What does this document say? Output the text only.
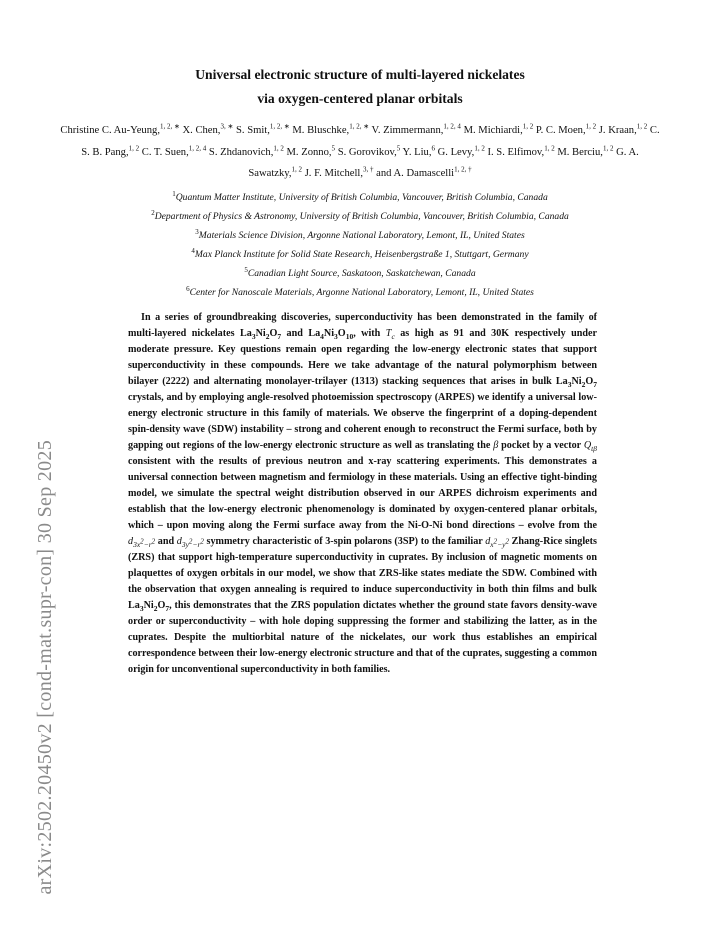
arXiv:2502.20450v2 [cond-mat.supr-con] 30 Sep 2025
Universal electronic structure of multi-layered nickelates
via oxygen-centered planar orbitals
Christine C. Au-Yeung,$^{1, 2, ∗}$ X. Chen,$^{3, ∗}$ S. Smit,$^{1, 2, ∗}$ M. Bluschke,$^{1, 2, ∗}$ V. Zimmermann,$^{1, 2, 4}$ M. Michiardi,$^{1, 2}$ P. C. Moen,$^{1, 2}$ J. Kraan,$^{1, 2}$ C. S. B. Pang,$^{1, 2}$ C. T. Suen,$^{1, 2, 4}$ S. Zhdanovich,$^{1, 2}$ M. Zonno,$^5$ S. Gorovikov,$^5$ Y. Liu,$^6$ G. Levy,$^{1, 2}$ I. S. Elfimov,$^{1, 2}$ M. Berciu,$^{1, 2}$ G. A. Sawatzky,$^{1, 2}$ J. F. Mitchell,$^{3, \dagger}$ and A. Damascelli$^{1, 2, \dagger}$
$^1$Quantum Matter Institute, University of British Columbia, Vancouver, British Columbia, Canada
$^2$Department of Physics & Astronomy, University of British Columbia, Vancouver, British Columbia, Canada
$^3$Materials Science Division, Argonne National Laboratory, Lemont, IL, United States
$^4$Max Planck Institute for Solid State Research, Heisenbergstraße 1, Stuttgart, Germany
$^5$Canadian Light Source, Saskatoon, Saskatchewan, Canada
$^6$Center for Nanoscale Materials, Argonne National Laboratory, Lemont, IL, United States
In a series of groundbreaking discoveries, superconductivity has been demonstrated in the family of multi-layered nickelates $La_3Ni_2O_7$ and $La_4Ni_3O_{10}$, with $T_c$ as high as 91 and 30K respectively under moderate pressure. Key questions remain open regarding the low-energy electronic states that support superconductivity in these compounds. Here we take advantage of the natural polymorphism between bilayer (2222) and alternating monolayer-trilayer (1313) stacking sequences that arises in bulk $La_3Ni_2O_7$ crystals, and by employing angle-resolved photoemission spectroscopy (ARPES) we identify a universal low-energy electronic structure in this family of materials. We observe the fingerprint of a doping-dependent spin-density wave (SDW) instability – strong and coherent enough to reconstruct the Fermi surface, both by gapping out regions of the low-energy electronic structure as well as translating the β pocket by a vector $Q_{t\beta}$ consistent with the results of previous neutron and x-ray scattering experiments. This demonstrates a universal connection between magnetism and fermiology in these materials. Using an effective tight-binding model, we simulate the spectral weight distribution observed in our ARPES dichroism experiments and establish that the low-energy electronic phenomenology is dominated by oxygen-centered planar orbitals, which – upon moving along the Fermi surface away from the Ni-O-Ni bond directions – evolve from the $d_{3x^2-r^2}$ and $d_{3y^2-r^2}$ symmetry characteristic of 3-spin polarons (3SP) to the familiar $d_{x^2-y^2}$ Zhang-Rice singlets (ZRS) that support high-temperature superconductivity in cuprates. By inclusion of magnetic moments on plaquettes of oxygen orbitals in our model, we show that ZRS-like states mediate the SDW. Combined with the observation that oxygen annealing is required to induce superconductivity in both thin films and bulk $La_3Ni_2O_7$, this demonstrates that the ZRS population dictates whether the ground state favors density-wave order or superconductivity – with hole doping suppressing the former and stabilizing the latter, as in the cuprates. Despite the multiorbital nature of the nickelates, our work thus establishes an empirical correspondence between their low-energy electronic structure and that of the cuprates, suggesting a common origin for unconventional superconductivity in both families.
